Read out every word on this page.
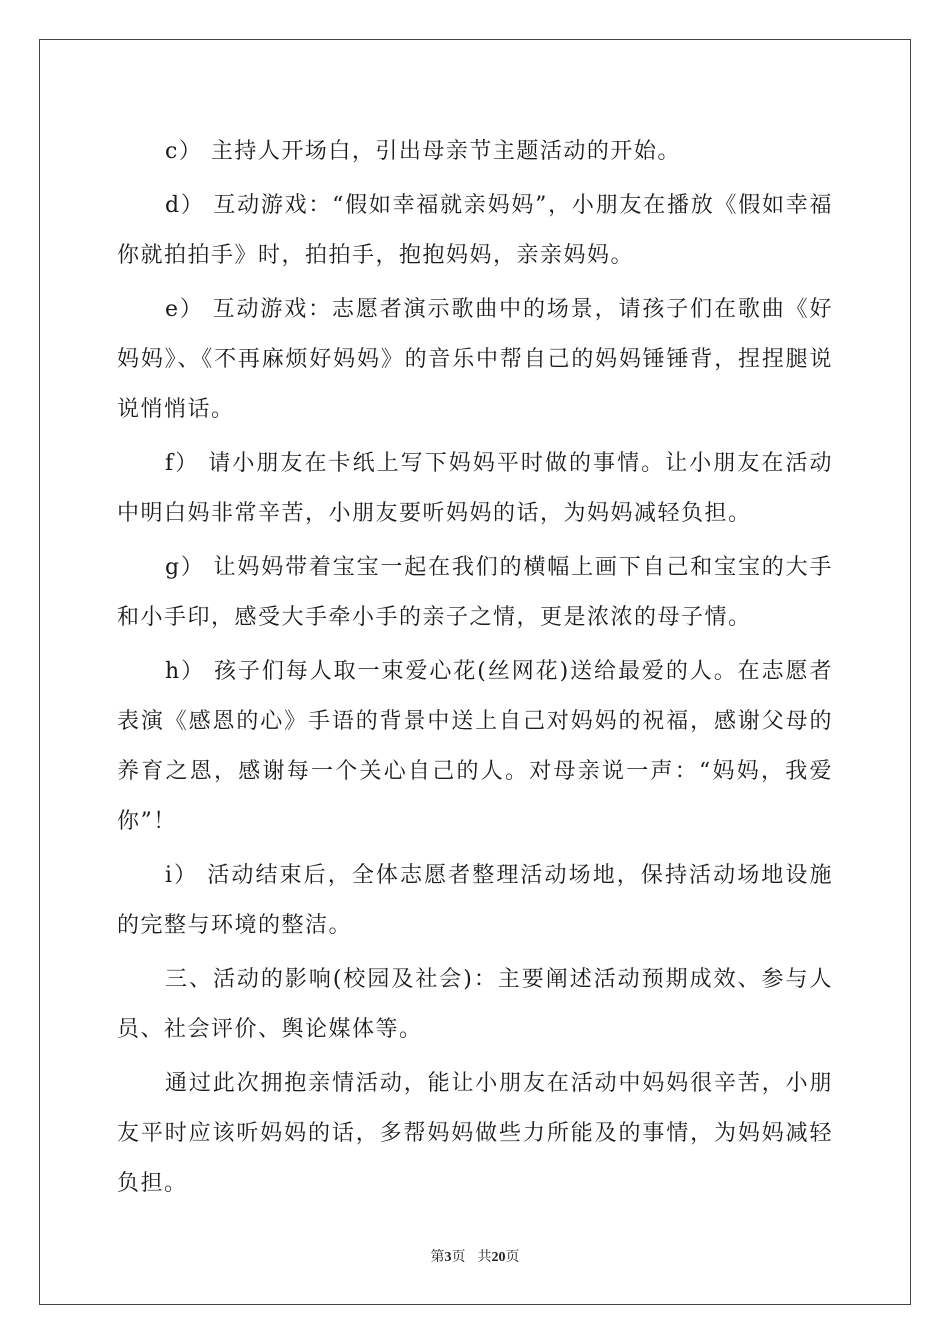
c） 主持人开场白，引出母亲节主题活动的开始。

d） 互动游戏：“假如幸福就亲妈妈”，小朋友在播放《假如幸福你就拍拍手》时，拍拍手，抱抱妈妈，亲亲妈妈。

e） 互动游戏：志愿者演示歌曲中的场景，请孩子们在歌曲《好妈妈》、《不再麻烦好妈妈》的音乐中帮自己的妈妈锤锤背，捏捏腿说说悄悄话。

f） 请小朋友在卡纸上写下妈妈平时做的事情。让小朋友在活动中明白妈非常辛苦，小朋友要听妈妈的话，为妈妈减轻负担。

g） 让妈妈带着宝宝一起在我们的横幅上画下自己和宝宝的大手和小手印，感受大手牵小手的亲子之情，更是浓浓的母子情。

h） 孩子们每人取一束爱心花(丝网花)送给最爱的人。在志愿者表演《感恩的心》手语的背景中送上自己对妈妈的祝福，感谢父母的养育之恩，感谢每一个关心自己的人。对母亲说一声：“妈妈，我爱你”！

i） 活动结束后，全体志愿者整理活动场地，保持活动场地设施的完整与环境的整洁。

三、活动的影响(校园及社会)：主要阐述活动预期成效、参与人员、社会评价、舆论媒体等。

通过此次拥抱亲情活动，能让小朋友在活动中妈妈很辛苦，小朋友平时应该听妈妈的话，多帮妈妈做些力所能及的事情，为妈妈减轻负担。

第3页 共20页
